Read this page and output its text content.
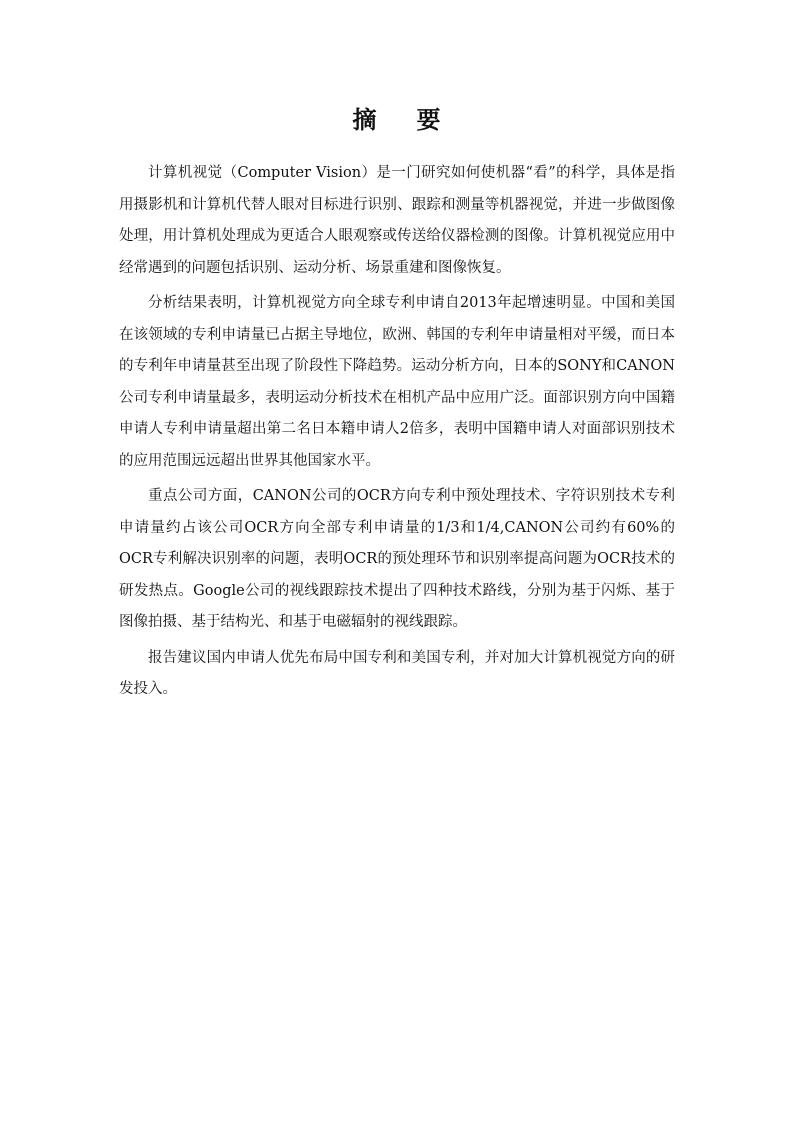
摘 要

计算机视觉（Computer Vision）是一门研究如何使机器“看”的科学，具体是指用摄影机和计算机代替人眼对目标进行识别、跟踪和测量等机器视觉，并进一步做图像处理，用计算机处理成为更适合人眼观察或传送给仪器检测的图像。计算机视觉应用中经常遇到的问题包括识别、运动分析、场景重建和图像恢复。

分析结果表明，计算机视觉方向全球专利申请自2013年起增速明显。中国和美国在该领域的专利申请量已占据主导地位，欧洲、韩国的专利年申请量相对平缓，而日本的专利年申请量甚至出现了阶段性下降趋势。运动分析方向，日本的SONY和CANON公司专利申请量最多，表明运动分析技术在相机产品中应用广泛。面部识别方向中国籍申请人专利申请量超出第二名日本籍申请人2倍多，表明中国籍申请人对面部识别技术的应用范围远远超出世界其他国家水平。

重点公司方面，CANON公司的OCR方向专利中预处理技术、字符识别技术专利申请量约占该公司OCR方向全部专利申请量的1/3和1/4,CANON公司约有60%的OCR专利解决识别率的问题，表明OCR的预处理环节和识别率提高问题为OCR技术的研发热点。Google公司的视线跟踪技术提出了四种技术路线，分别为基于闪烁、基于图像拍摄、基于结构光、和基于电磁辐射的视线跟踪。

报告建议国内申请人优先布局中国专利和美国专利，并对加大计算机视觉方向的研发投入。
